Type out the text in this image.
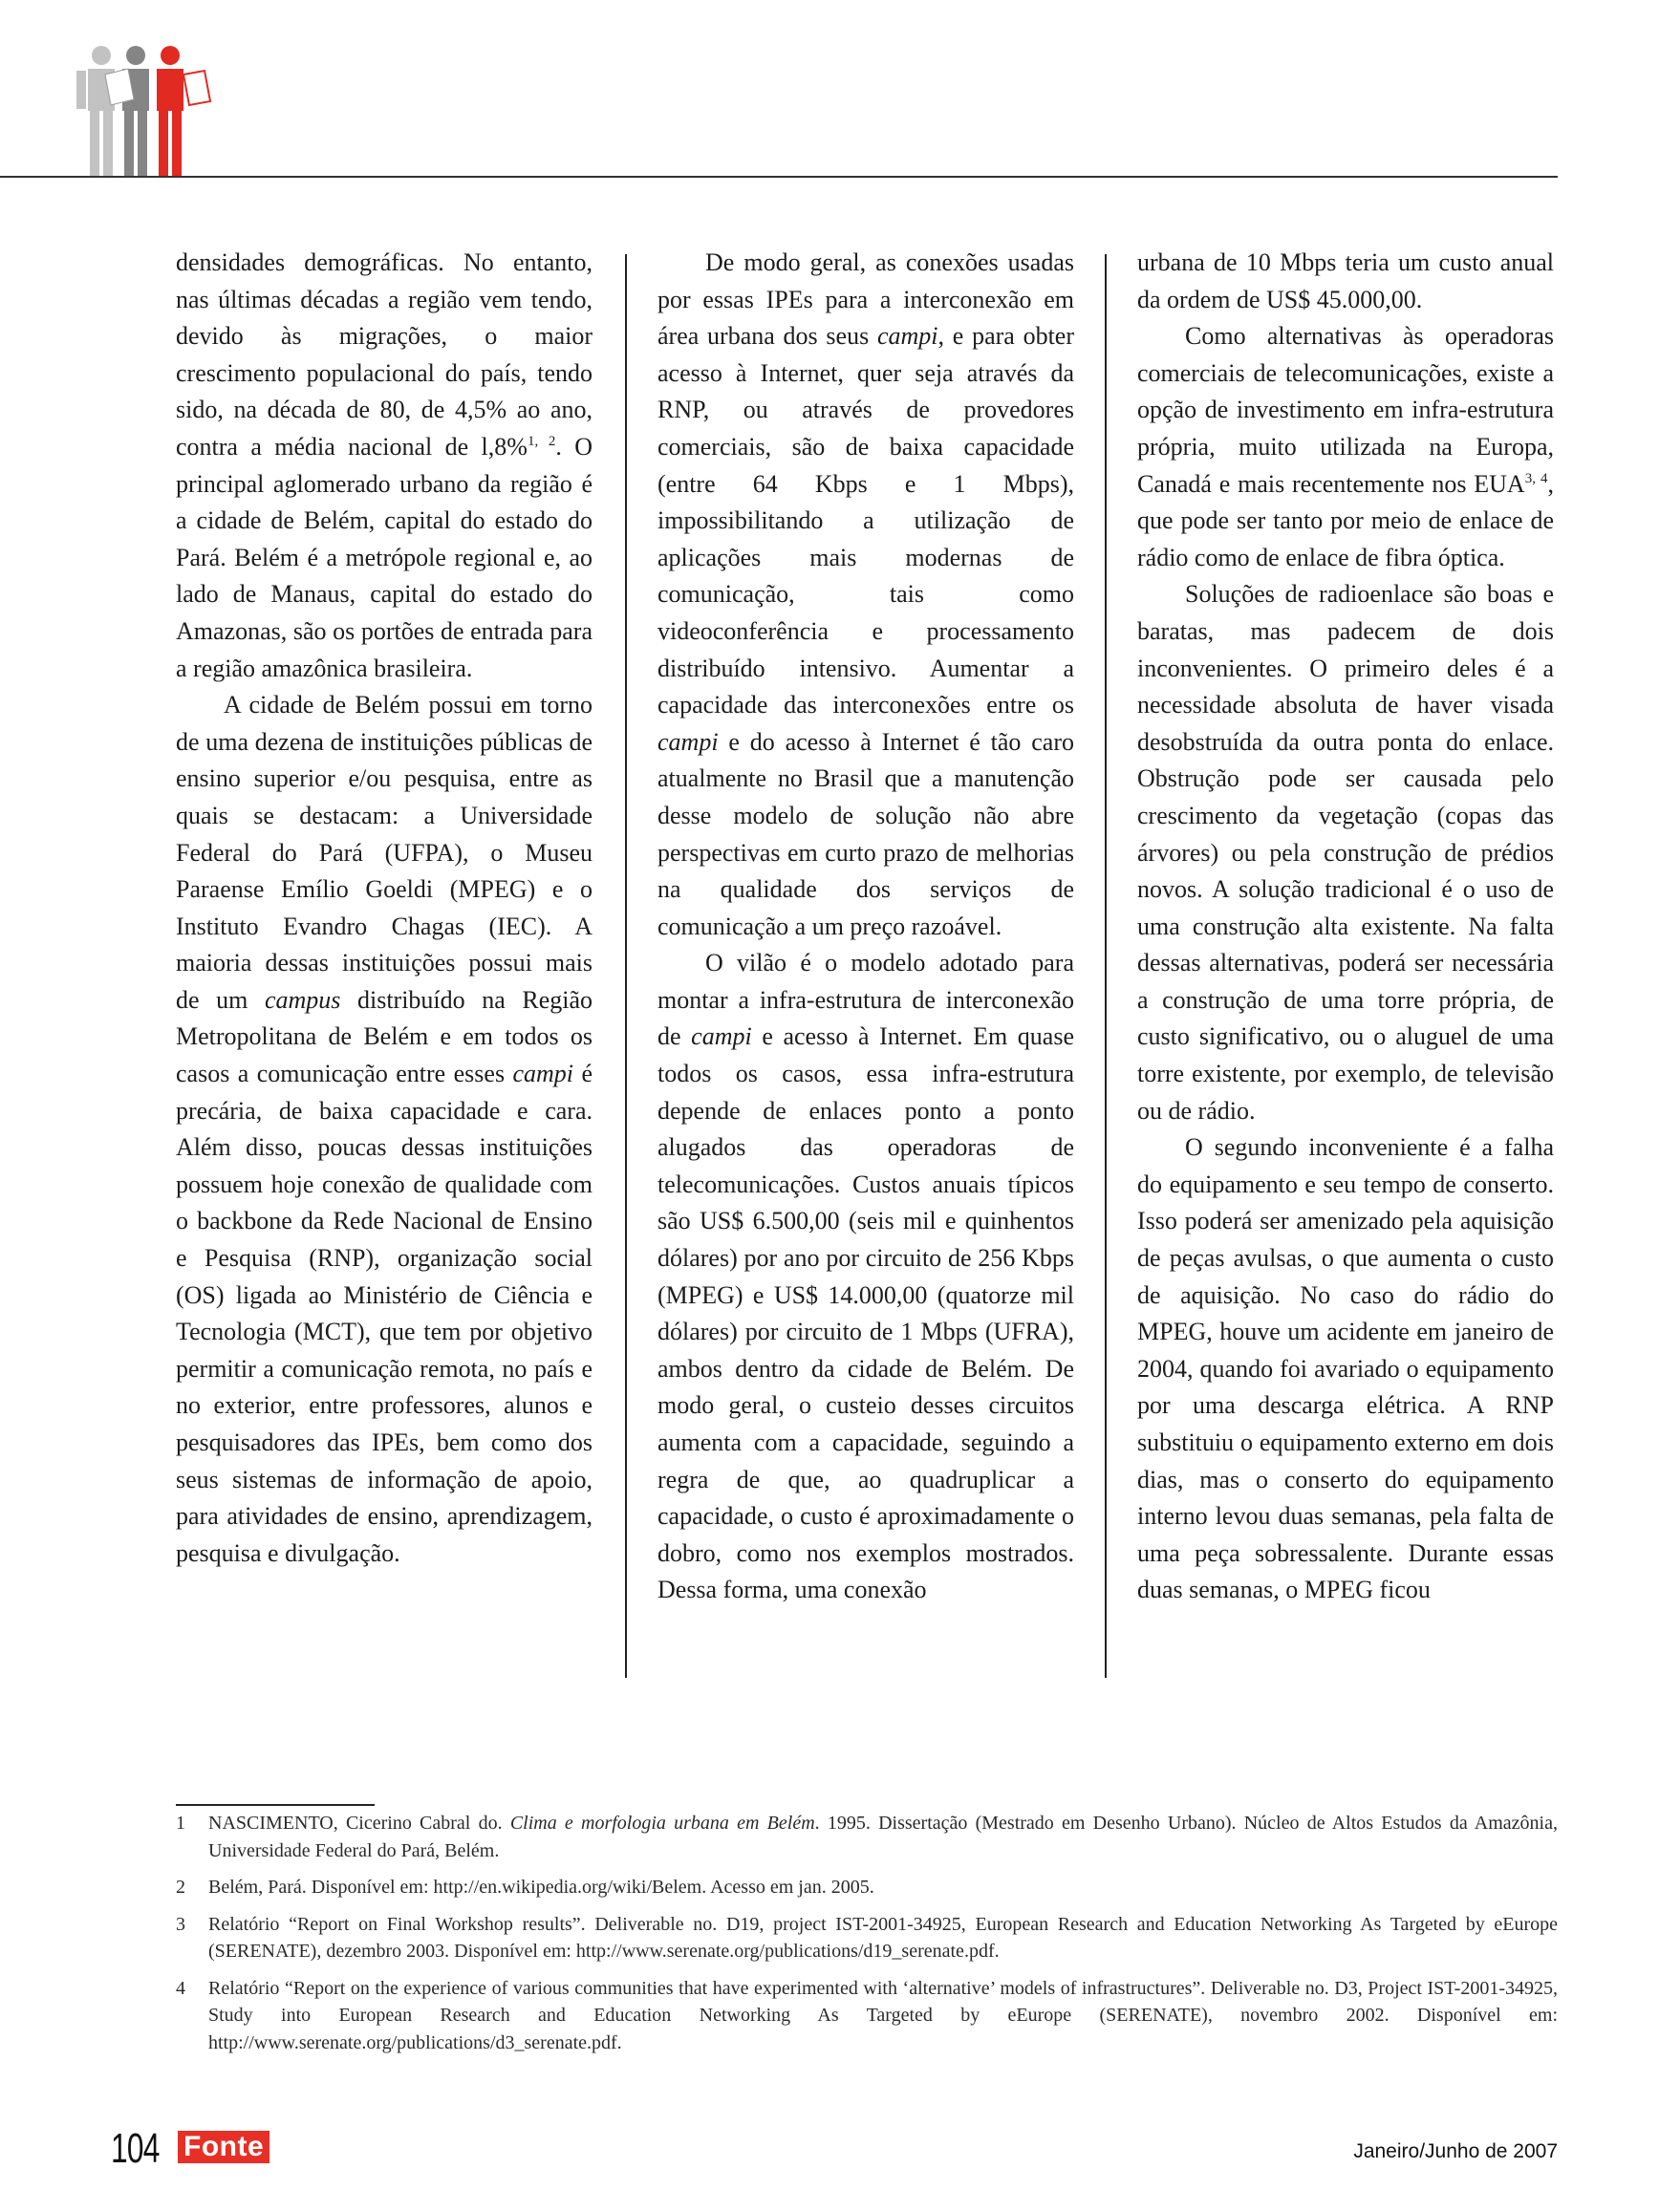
densidades demográficas. No entanto, nas últimas décadas a região vem tendo, devido às migrações, o maior crescimento populacional do país, tendo sido, na década de 80, de 4,5% ao ano, contra a média nacional de l,8%$^{1, 2}$. O principal aglomerado urbano da região é a cidade de Belém, capital do estado do Pará. Belém é a metrópole regional e, ao lado de Manaus, capital do estado do Amazonas, são os portões de entrada para a região amazônica brasileira.

A cidade de Belém possui em torno de uma dezena de instituições públicas de ensino superior e/ou pesquisa, entre as quais se destacam: a Universidade Federal do Pará (UFPA), o Museu Paraense Emílio Goeldi (MPEG) e o Instituto Evandro Chagas (IEC). A maioria dessas instituições possui mais de um campus distribuído na Região Metropolitana de Belém e em todos os casos a comunicação entre esses campi é precária, de baixa capacidade e cara. Além disso, poucas dessas instituições possuem hoje conexão de qualidade com o backbone da Rede Nacional de Ensino e Pesquisa (RNP), organização social (OS) ligada ao Ministério de Ciência e Tecnologia (MCT), que tem por objetivo permitir a comunicação remota, no país e no exterior, entre professores, alunos e pesquisadores das IPEs, bem como dos seus sistemas de informação de apoio, para atividades de ensino, aprendizagem, pesquisa e divulgação.

De modo geral, as conexões usadas por essas IPEs para a interconexão em área urbana dos seus campi, e para obter acesso à Internet, quer seja através da RNP, ou através de provedores comerciais, são de baixa capacidade (entre 64 Kbps e 1 Mbps), impossibilitando a utilização de aplicações mais modernas de comunicação, tais como videoconferência e processamento distribuído intensivo. Aumentar a capacidade das interconexões entre os campi e do acesso à Internet é tão caro atualmente no Brasil que a manutenção desse modelo de solução não abre perspectivas em curto prazo de melhorias na qualidade dos serviços de comunicação a um preço razoável.

O vilão é o modelo adotado para montar a infra-estrutura de interconexão de campi e acesso à Internet. Em quase todos os casos, essa infra-estrutura depende de enlaces ponto a ponto alugados das operadoras de telecomunicações. Custos anuais típicos são US$ 6.500,00 (seis mil e quinhentos dólares) por ano por circuito de 256 Kbps (MPEG) e US$ 14.000,00 (quatorze mil dólares) por circuito de 1 Mbps (UFRA), ambos dentro da cidade de Belém. De modo geral, o custeio desses circuitos aumenta com a capacidade, seguindo a regra de que, ao quadruplicar a capacidade, o custo é aproximadamente o dobro, como nos exemplos mostrados. Dessa forma, uma conexão

urbana de 10 Mbps teria um custo anual da ordem de US$ 45.000,00.

Como alternativas às operadoras comerciais de telecomunicações, existe a opção de investimento em infra-estrutura própria, muito utilizada na Europa, Canadá e mais recentemente nos EUA$^{3, 4}$, que pode ser tanto por meio de enlace de rádio como de enlace de fibra óptica.

Soluções de radioenlace são boas e baratas, mas padecem de dois inconvenientes. O primeiro deles é a necessidade absoluta de haver visada desobstruída da outra ponta do enlace. Obstrução pode ser causada pelo crescimento da vegetação (copas das árvores) ou pela construção de prédios novos. A solução tradicional é o uso de uma construção alta existente. Na falta dessas alternativas, poderá ser necessária a construção de uma torre própria, de custo significativo, ou o aluguel de uma torre existente, por exemplo, de televisão ou de rádio.

O segundo inconveniente é a falha do equipamento e seu tempo de conserto. Isso poderá ser amenizado pela aquisição de peças avulsas, o que aumenta o custo de aquisição. No caso do rádio do MPEG, houve um acidente em janeiro de 2004, quando foi avariado o equipamento por uma descarga elétrica. A RNP substituiu o equipamento externo em dois dias, mas o conserto do equipamento interno levou duas semanas, pela falta de uma peça sobressalente. Durante essas duas semanas, o MPEG ficou

1	NASCIMENTO, Cicerino Cabral do. Clima e morfologia urbana em Belém. 1995. Dissertação (Mestrado em Desenho Urbano). Núcleo de Altos Estudos da Amazônia, Universidade Federal do Pará, Belém.
2	Belém, Pará. Disponível em: http://en.wikipedia.org/wiki/Belem. Acesso em jan. 2005.
3	Relatório “Report on Final Workshop results”. Deliverable no. D19, project IST-2001-34925, European Research and Education Networking As Targeted by eEurope (SERENATE), dezembro 2003. Disponível em: http://www.serenate.org/publications/d19_serenate.pdf.
4	Relatório “Report on the experience of various communities that have experimented with ‘alternative’ models of infrastructures”. Deliverable no. D3, Project IST-2001-34925, Study into European Research and Education Networking As Targeted by eEurope (SERENATE), novembro 2002. Disponível em: http://www.serenate.org/publications/d3_serenate.pdf.
104 Fonte	Janeiro/Junho de 2007
